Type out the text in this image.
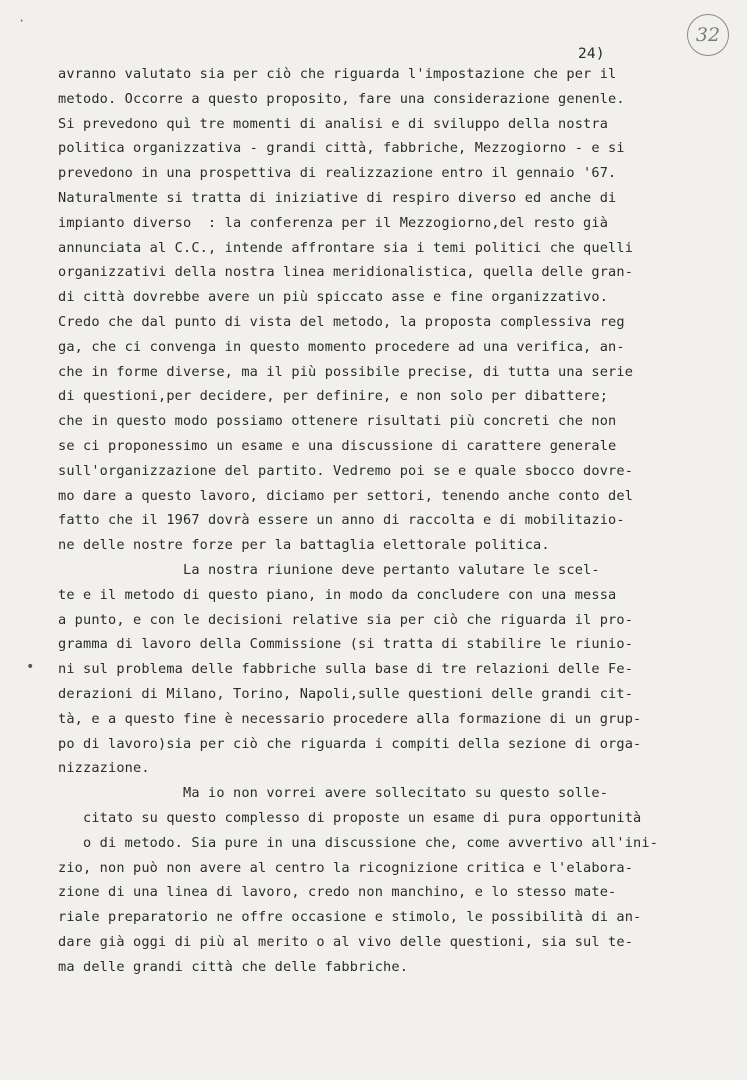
·
32
24)
avranno valutato sia per ciò che riguarda l'impostazione che per il
metodo. Occorre a questo proposito, fare una considerazione genenle.
Si prevedono quì tre momenti di analisi e di sviluppo della nostra
politica organizzativa - grandi città, fabbriche, Mezzogiorno - e si
prevedono in una prospettiva di realizzazione entro il gennaio '67.
Naturalmente si tratta di iniziative di respiro diverso ed anche di
impianto diverso  : la conferenza per il Mezzogiorno,del resto già
annunciata al C.C., intende affrontare sia i temi politici che quelli
organizzativi della nostra linea meridionalistica, quella delle gran-
di città dovrebbe avere un più spiccato asse e fine organizzativo.
Credo che dal punto di vista del metodo, la proposta complessiva reg
ga, che ci convenga in questo momento procedere ad una verifica, an-
che in forme diverse, ma il più possibile precise, di tutta una serie
di questioni,per decidere, per definire, e non solo per dibattere;
che in questo modo possiamo ottenere risultati più concreti che non
se ci proponessimo un esame e una discussione di carattere generale
sull'organizzazione del partito. Vedremo poi se e quale sbocco dovre-
mo dare a questo lavoro, diciamo per settori, tenendo anche conto del
fatto che il 1967 dovrà essere un anno di raccolta e di mobilitazio-
ne delle nostre forze per la battaglia elettorale politica.
La nostra riunione deve pertanto valutare le scel-
te e il metodo di questo piano, in modo da concludere con una messa
a punto, e con le decisioni relative sia per ciò che riguarda il pro-
gramma di lavoro della Commissione (si tratta di stabilire le riunio-
ni sul problema delle fabbriche sulla base di tre relazioni delle Fe-
derazioni di Milano, Torino, Napoli,sulle questioni delle grandi cit-
tà, e a questo fine è necessario procedere alla formazione di un grup-
po di lavoro)sia per ciò che riguarda i compiti della sezione di orga-
nizzazione.
Ma io non vorrei avere sollecitato su questo solle-
citato su questo complesso di proposte un esame di pura opportunità
o di metodo. Sia pure in una discussione che, come avvertivo all'ini-
zio, non può non avere al centro la ricognizione critica e l'elabora-
zione di una linea di lavoro, credo non manchino, e lo stesso mate-
riale preparatorio ne offre occasione e stimolo, le possibilità di an-
dare già oggi di più al merito o al vivo delle questioni, sia sul te-
ma delle grandi città che delle fabbriche.
•
